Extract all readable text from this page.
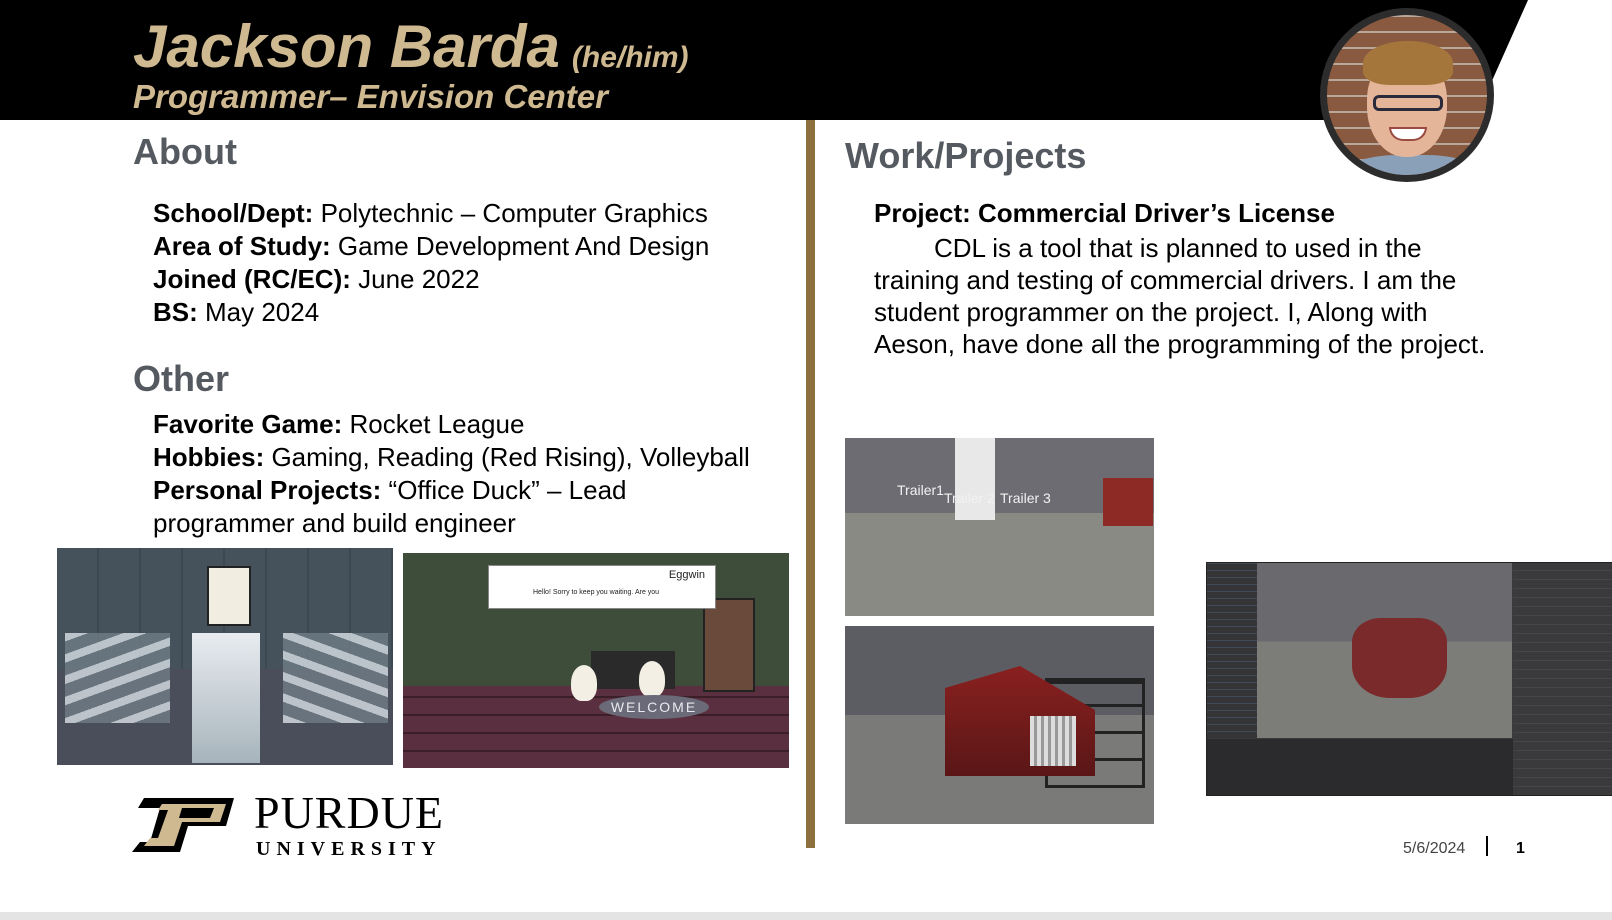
Jackson Barda (he/him)
Programmer– Envision Center
About

School/Dept: Polytechnic – Computer Graphics

Area of Study: Game Development And Design

Joined (RC/EC): June 2022

BS: May 2024

Other

Favorite Game: Rocket League

Hobbies: Gaming, Reading (Red Rising), Volleyball

Personal Projects: “Office Duck” – Lead programmer and build engineer

WELCOME
Eggwin
Hello! Sorry to keep you waiting. Are you
Work/Projects
Project: Commercial Driver’s License

CDL is a tool that is planned to used in the training and testing of commercial drivers. I am the student programmer on the project. I, Along with Aeson, have done all the programming of the project.

Trailer1 Trailer 2 Trailer 3
PURDUE
UNIVERSITY	5/6/2024	1
